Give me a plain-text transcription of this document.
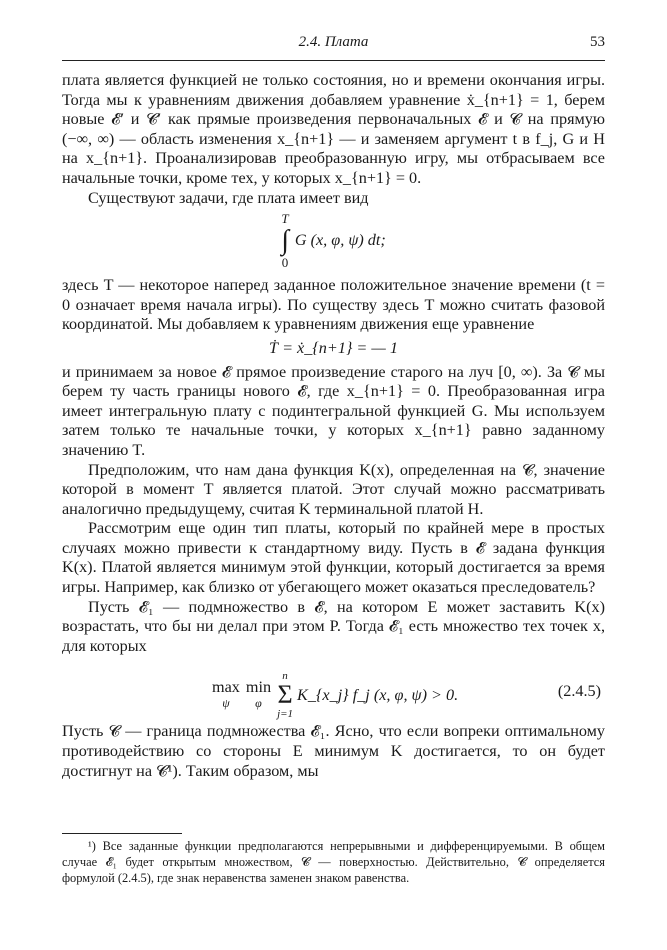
2.4. Плата	53

плата является функцией не только состояния, но и времени окончания игры. Тогда мы к уравнениям движения добавляем уравнение ẋ_{n+1} = 1, берем новые 𝓔′ и 𝓒′ как прямые произведения первоначальных 𝓔 и 𝓒 на прямую (−∞, ∞) — область изменения x_{n+1} — и заменяем аргумент t в f_j, G и H на x_{n+1}. Проанализировав преобразованную игру, мы отбрасываем все начальные точки, кроме тех, у которых x_{n+1} = 0.

Существуют задачи, где плата имеет вид

T
∫
0
G (x, φ, ψ) dt;

здесь T — некоторое наперед заданное положительное значение времени (t = 0 означает время начала игры). По существу здесь T можно считать фазовой координатой. Мы добавляем к уравнениям движения еще уравнение

Ṫ = ẋ_{n+1} = — 1

и принимаем за новое 𝓔 прямое произведение старого на луч [0, ∞). За 𝓒 мы берем ту часть границы нового 𝓔, где x_{n+1} = 0. Преобразованная игра имеет интегральную плату с подинтегральной функцией G. Мы используем затем только те начальные точки, у которых x_{n+1} равно заданному значению T.

Предположим, что нам дана функция K(x), определенная на 𝓒, значение которой в момент T является платой. Этот случай можно рассматривать аналогично предыдущему, считая K терминальной платой H.

Рассмотрим еще один тип платы, который по крайней мере в простых случаях можно привести к стандартному виду. Пусть в 𝓔 задана функция K(x). Платой является минимум этой функции, который достигается за время игры. Например, как близко от убегающего может оказаться преследователь?

Пусть 𝓔₁ — подмножество в 𝓔, на котором E может заставить K(x) возрастать, что бы ни делал при этом P. Тогда 𝓔₁ есть множество тех точек x, для которых

max
ψ
min
φ
n
Σ
j=1
K_{x_j} f_j (x, φ, ψ) > 0.	(2.4.5)

Пусть 𝓒 — граница подмножества 𝓔₁. Ясно, что если вопреки оптимальному противодействию со стороны E минимум K достигается, то он будет достигнут на 𝓒¹). Таким образом, мы

¹) Все заданные функции предполагаются непрерывными и дифференцируемыми. В общем случае 𝓔₁ будет открытым множеством, 𝓒 — поверхностью. Действительно, 𝓒 определяется формулой (2.4.5), где знак неравенства заменен знаком равенства.
